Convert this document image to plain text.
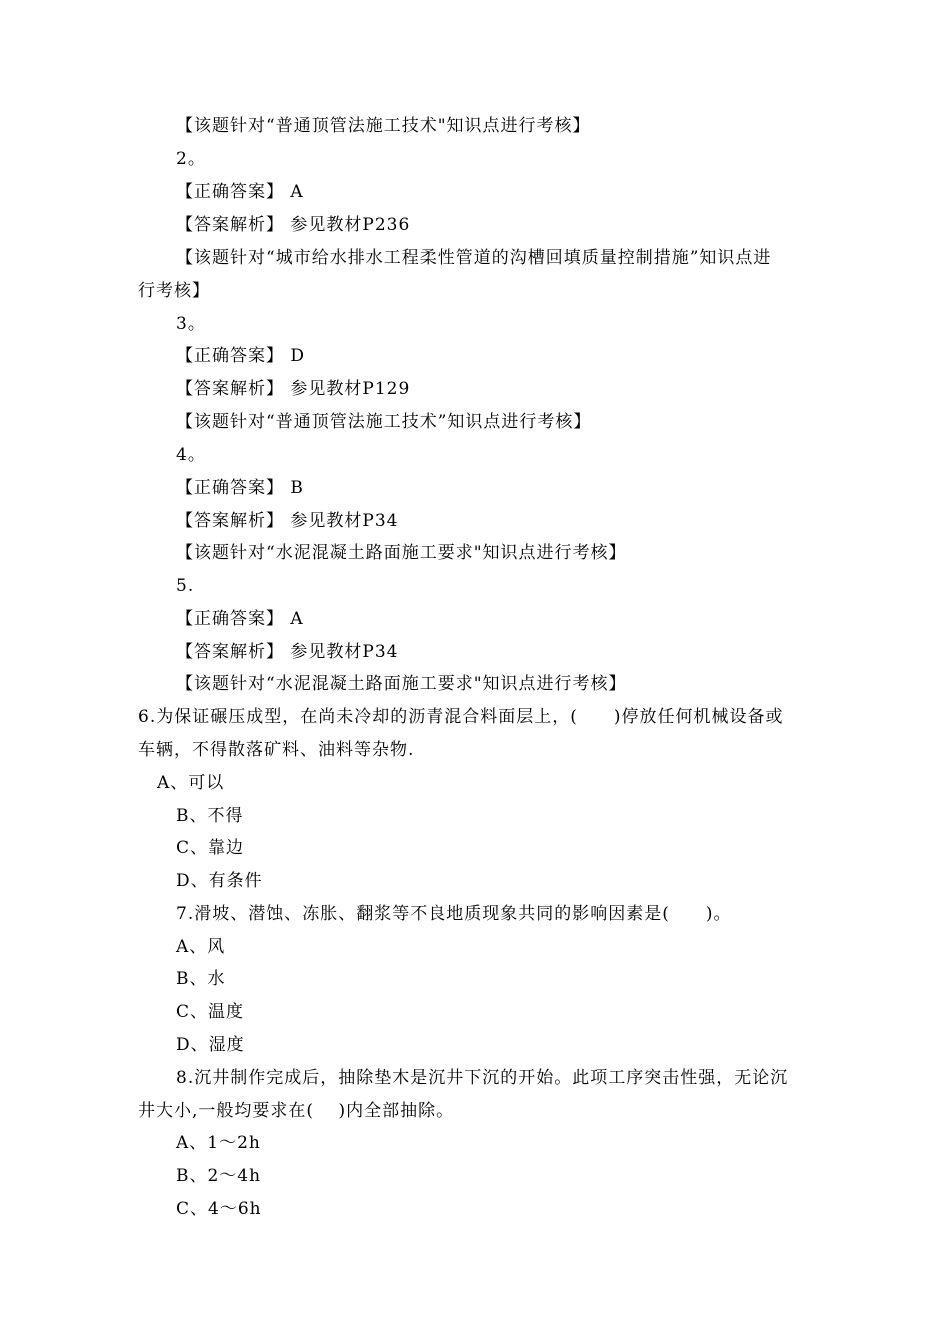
【该题针对“普通顶管法施工技术"知识点进行考核】
2。
【正确答案】 A
【答案解析】 参见教材P236
【该题针对“城市给水排水工程柔性管道的沟槽回填质量控制措施”知识点进
行考核】
3。
【正确答案】 D
【答案解析】 参见教材P129
【该题针对“普通顶管法施工技术”知识点进行考核】
4。
【正确答案】 B
【答案解析】 参见教材P34
【该题针对“水泥混凝土路面施工要求"知识点进行考核】
5.
【正确答案】 A
【答案解析】 参见教材P34
【该题针对“水泥混凝土路面施工要求"知识点进行考核】
6.为保证碾压成型，在尚未冷却的沥青混合料面层上，(　　)停放任何机械设备或
车辆，不得散落矿料、油料等杂物.
A、可以
B、不得
C、靠边
D、有条件
7.滑坡、潜蚀、冻胀、翻浆等不良地质现象共同的影响因素是(　　)。
A、风
B、水
C、温度
D、湿度
8.沉井制作完成后，抽除垫木是沉井下沉的开始。此项工序突击性强，无论沉
井大小,一般均要求在(　 )内全部抽除。
A、1～2h
B、2～4h
C、4～6h
